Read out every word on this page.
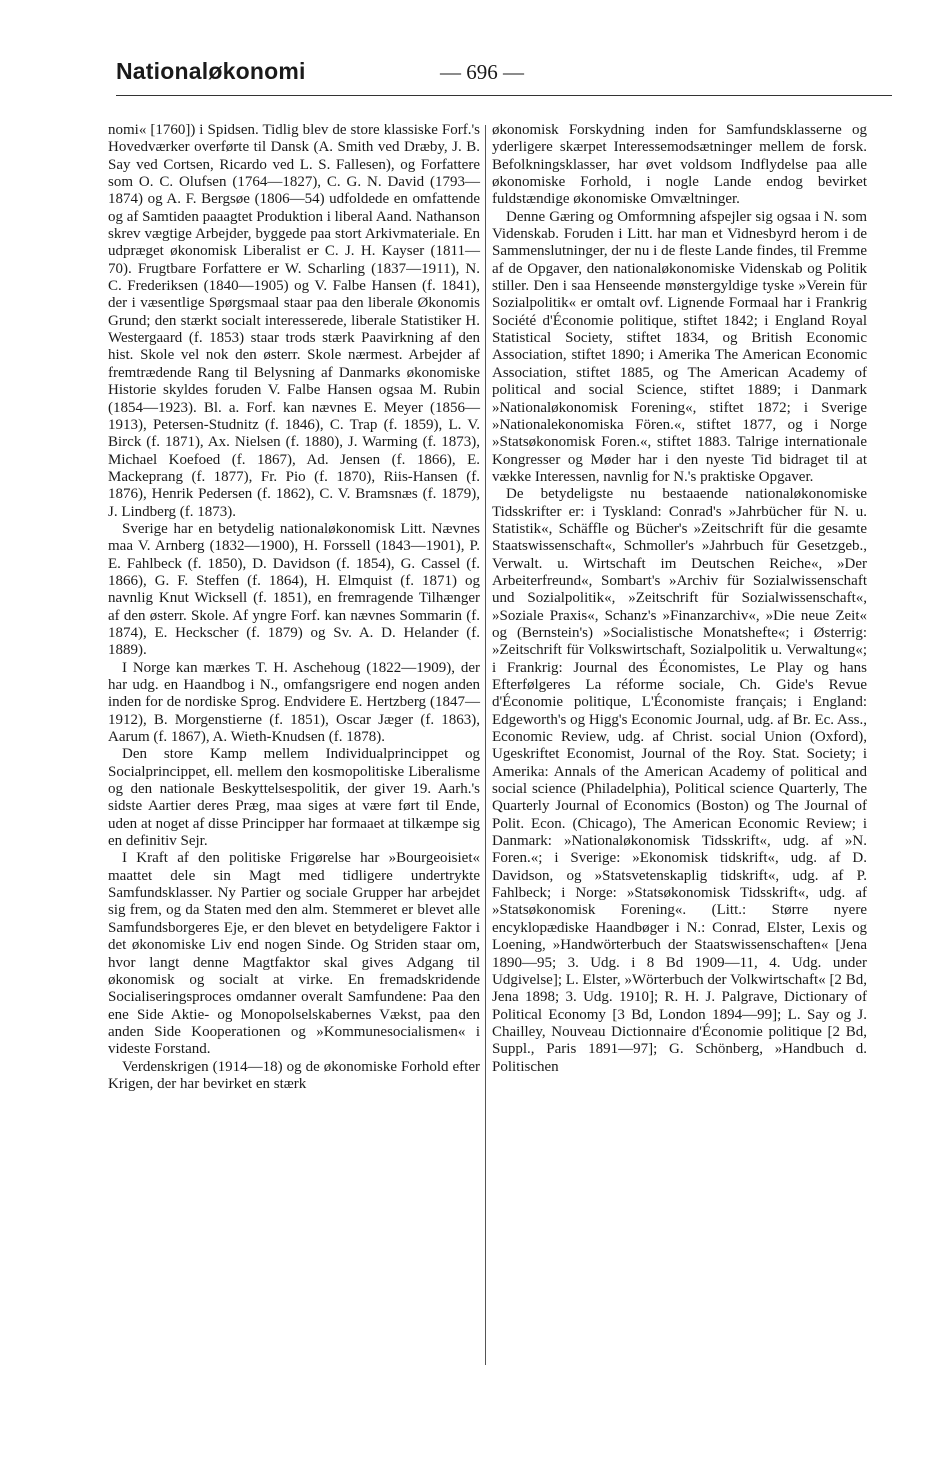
Nationaløkonomi	— 696 —

nomi« [1760]) i Spidsen. Tidlig blev de store klassiske Forf.'s Hovedværker overførte til Dansk (A. Smith ved Dræby, J. B. Say ved Cortsen, Ricardo ved L. S. Fallesen), og Forfattere som O. C. Olufsen (1764—1827), C. G. N. David (1793—1874) og A. F. Bergsøe (1806—54) udfoldede en omfattende og af Samtiden paaagtet Produktion i liberal Aand. Nathanson skrev vægtige Arbejder, byggede paa stort Arkivmateriale. En udpræget økonomisk Liberalist er C. J. H. Kayser (1811—70). Frugtbare Forfattere er W. Scharling (1837—1911), N. C. Frederiksen (1840—1905) og V. Falbe Hansen (f. 1841), der i væsentlige Spørgsmaal staar paa den liberale Økonomis Grund; den stærkt socialt interesserede, liberale Statistiker H. Westergaard (f. 1853) staar trods stærk Paavirkning af den hist. Skole vel nok den østerr. Skole nærmest. Arbejder af fremtrædende Rang til Belysning af Danmarks økonomiske Historie skyldes foruden V. Falbe Hansen ogsaa M. Rubin (1854—1923). Bl. a. Forf. kan nævnes E. Meyer (1856—1913), Petersen-Studnitz (f. 1846), C. Trap (f. 1859), L. V. Birck (f. 1871), Ax. Nielsen (f. 1880), J. Warming (f. 1873), Michael Koefoed (f. 1867), Ad. Jensen (f. 1866), E. Mackeprang (f. 1877), Fr. Pio (f. 1870), Riis-Hansen (f. 1876), Henrik Pedersen (f. 1862), C. V. Bramsnæs (f. 1879), J. Lindberg (f. 1873).

Sverige har en betydelig nationaløkonomisk Litt. Nævnes maa V. Arnberg (1832—1900), H. Forssell (1843—1901), P. E. Fahlbeck (f. 1850), D. Davidson (f. 1854), G. Cassel (f. 1866), G. F. Steffen (f. 1864), H. Elmquist (f. 1871) og navnlig Knut Wicksell (f. 1851), en fremragende Tilhænger af den østerr. Skole. Af yngre Forf. kan nævnes Sommarin (f. 1874), E. Heckscher (f. 1879) og Sv. A. D. Helander (f. 1889).

I Norge kan mærkes T. H. Aschehoug (1822—1909), der har udg. en Haandbog i N., omfangsrigere end nogen anden inden for de nordiske Sprog. Endvidere E. Hertzberg (1847—1912), B. Morgenstierne (f. 1851), Oscar Jæger (f. 1863), Aarum (f. 1867), A. Wieth-Knudsen (f. 1878).

Den store Kamp mellem Individualprincippet og Socialprincippet, ell. mellem den kosmopolitiske Liberalisme og den nationale Beskyttelsespolitik, der giver 19. Aarh.'s sidste Aartier deres Præg, maa siges at være ført til Ende, uden at noget af disse Principper har formaaet at tilkæmpe sig en definitiv Sejr.

I Kraft af den politiske Frigørelse har »Bourgeoisiet« maattet dele sin Magt med tidligere undertrykte Samfundsklasser. Ny Partier og sociale Grupper har arbejdet sig frem, og da Staten med den alm. Stemmeret er blevet alle Samfundsborgeres Eje, er den blevet en betydeligere Faktor i det økonomiske Liv end nogen Sinde. Og Striden staar om, hvor langt denne Magtfaktor skal gives Adgang til økonomisk og socialt at virke. En fremadskridende Socialiseringsproces omdanner overalt Samfundene: Paa den ene Side Aktie- og Monopolselskabernes Vækst, paa den anden Side Kooperationen og »Kommunesocialismen« i videste Forstand.

Verdenskrigen (1914—18) og de økonomiske Forhold efter Krigen, der har bevirket en stærk

økonomisk Forskydning inden for Samfundsklasserne og yderligere skærpet Interessemodsætninger mellem de forsk. Befolkningsklasser, har øvet voldsom Indflydelse paa alle økonomiske Forhold, i nogle Lande endog bevirket fuldstændige økonomiske Omvæltninger.

Denne Gæring og Omformning afspejler sig ogsaa i N. som Videnskab. Foruden i Litt. har man et Vidnesbyrd herom i de Sammenslutninger, der nu i de fleste Lande findes, til Fremme af de Opgaver, den nationaløkonomiske Videnskab og Politik stiller. Den i saa Henseende mønstergyldige tyske »Verein für Sozialpolitik« er omtalt ovf. Lignende Formaal har i Frankrig Société d'Économie politique, stiftet 1842; i England Royal Statistical Society, stiftet 1834, og British Economic Association, stiftet 1890; i Amerika The American Economic Association, stiftet 1885, og The American Academy of political and social Science, stiftet 1889; i Danmark »Nationaløkonomisk Forening«, stiftet 1872; i Sverige »Nationalekonomiska Fören.«, stiftet 1877, og i Norge »Statsøkonomisk Foren.«, stiftet 1883. Talrige internationale Kongresser og Møder har i den nyeste Tid bidraget til at vække Interessen, navnlig for N.'s praktiske Opgaver.

De betydeligste nu bestaaende nationaløkonomiske Tidsskrifter er: i Tyskland: Conrad's »Jahrbücher für N. u. Statistik«, Schäffle og Bücher's »Zeitschrift für die gesamte Staatswissenschaft«, Schmoller's »Jahrbuch für Gesetzgeb., Verwalt. u. Wirtschaft im Deutschen Reiche«, »Der Arbeiterfreund«, Sombart's »Archiv für Sozialwissenschaft und Sozialpolitik«, »Zeitschrift für Sozialwissenschaft«, »Soziale Praxis«, Schanz's »Finanzarchiv«, »Die neue Zeit« og (Bernstein's) »Socialistische Monatshefte«; i Østerrig: »Zeitschrift für Volkswirtschaft, Sozialpolitik u. Verwaltung«; i Frankrig: Journal des Économistes, Le Play og hans Efterfølgeres La réforme sociale, Ch. Gide's Revue d'Économie politique, L'Économiste français; i England: Edgeworth's og Higg's Economic Journal, udg. af Br. Ec. Ass., Economic Review, udg. af Christ. social Union (Oxford), Ugeskriftet Economist, Journal of the Roy. Stat. Society; i Amerika: Annals of the American Academy of political and social science (Philadelphia), Political science Quarterly, The Quarterly Journal of Economics (Boston) og The Journal of Polit. Econ. (Chicago), The American Economic Review; i Danmark: »Nationaløkonomisk Tidsskrift«, udg. af »N. Foren.«; i Sverige: »Ekonomisk tidskrift«, udg. af D. Davidson, og »Statsvetenskaplig tidskrift«, udg. af P. Fahlbeck; i Norge: »Statsøkonomisk Tidsskrift«, udg. af »Statsøkonomisk Forening«. (Litt.: Større nyere encyklopædiske Haandbøger i N.: Conrad, Elster, Lexis og Loening, »Handwörterbuch der Staatswissenschaften« [Jena 1890—95; 3. Udg. i 8 Bd 1909—11, 4. Udg. under Udgivelse]; L. Elster, »Wörterbuch der Volkwirtschaft« [2 Bd, Jena 1898; 3. Udg. 1910]; R. H. J. Palgrave, Dictionary of Political Economy [3 Bd, London 1894—99]; L. Say og J. Chailley, Nouveau Dictionnaire d'Économie politique [2 Bd, Suppl., Paris 1891—97]; G. Schönberg, »Handbuch d. Politischen
